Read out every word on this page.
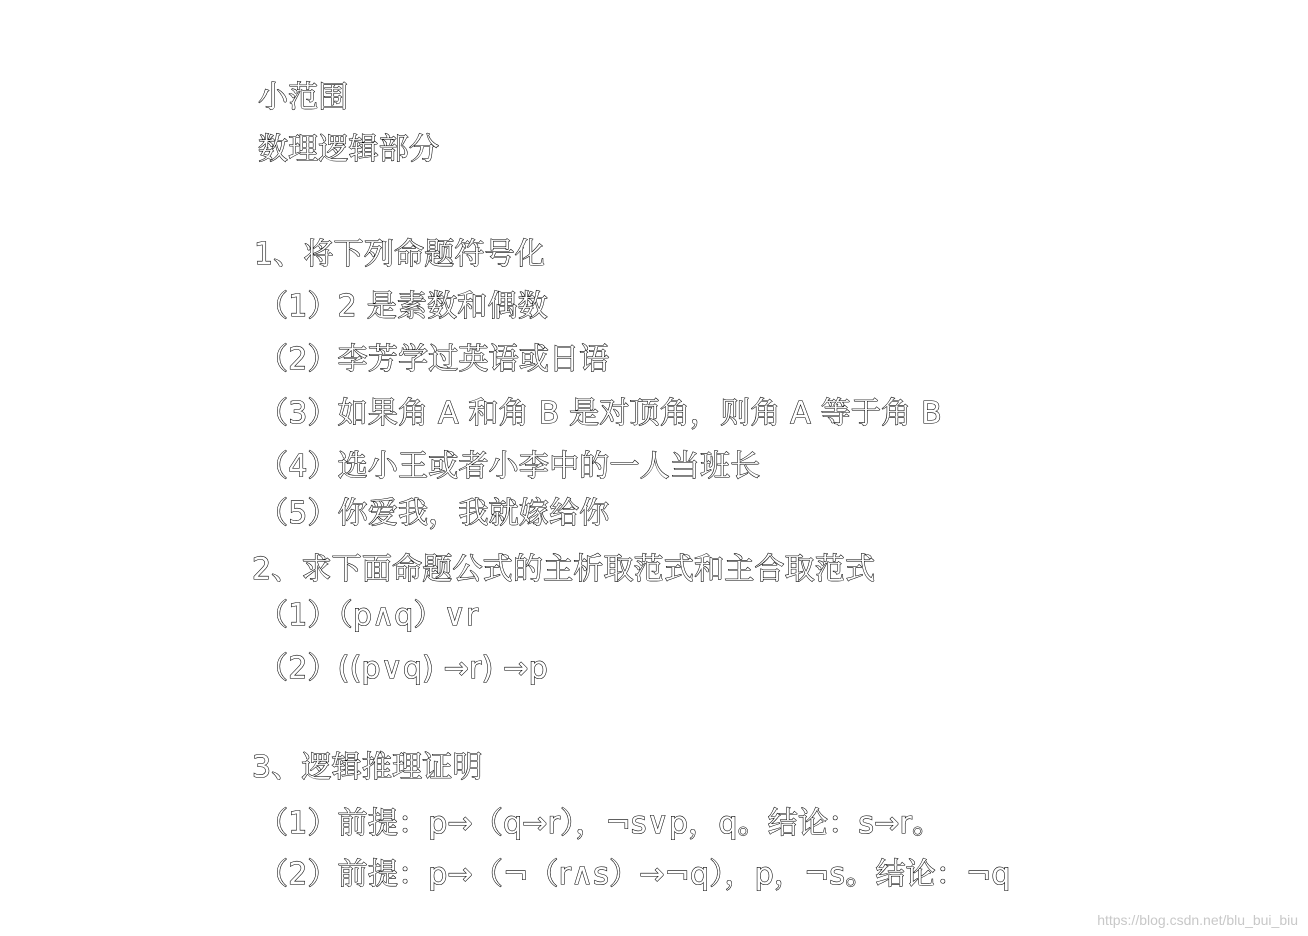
小范围
数理逻辑部分
1、将下列命题符号化
（1）2 是素数和偶数
（2）李芳学过英语或日语
（3）如果角 A 和角 B 是对顶角，则角 A 等于角 B
（4）选小王或者小李中的一人当班长
（5）你爱我，我就嫁给你
2、求下面命题公式的主析取范式和主合取范式
（1）（p∧q）∨r
（2）((p∨q) →r) →p
3、逻辑推理证明
（1）前提：p→（q→r），¬s∨p，q。结论：s→r。
（2）前提：p→（¬（r∧s）→¬q），p，¬s。结论：¬q
https://blog.csdn.net/blu_bui_biu
